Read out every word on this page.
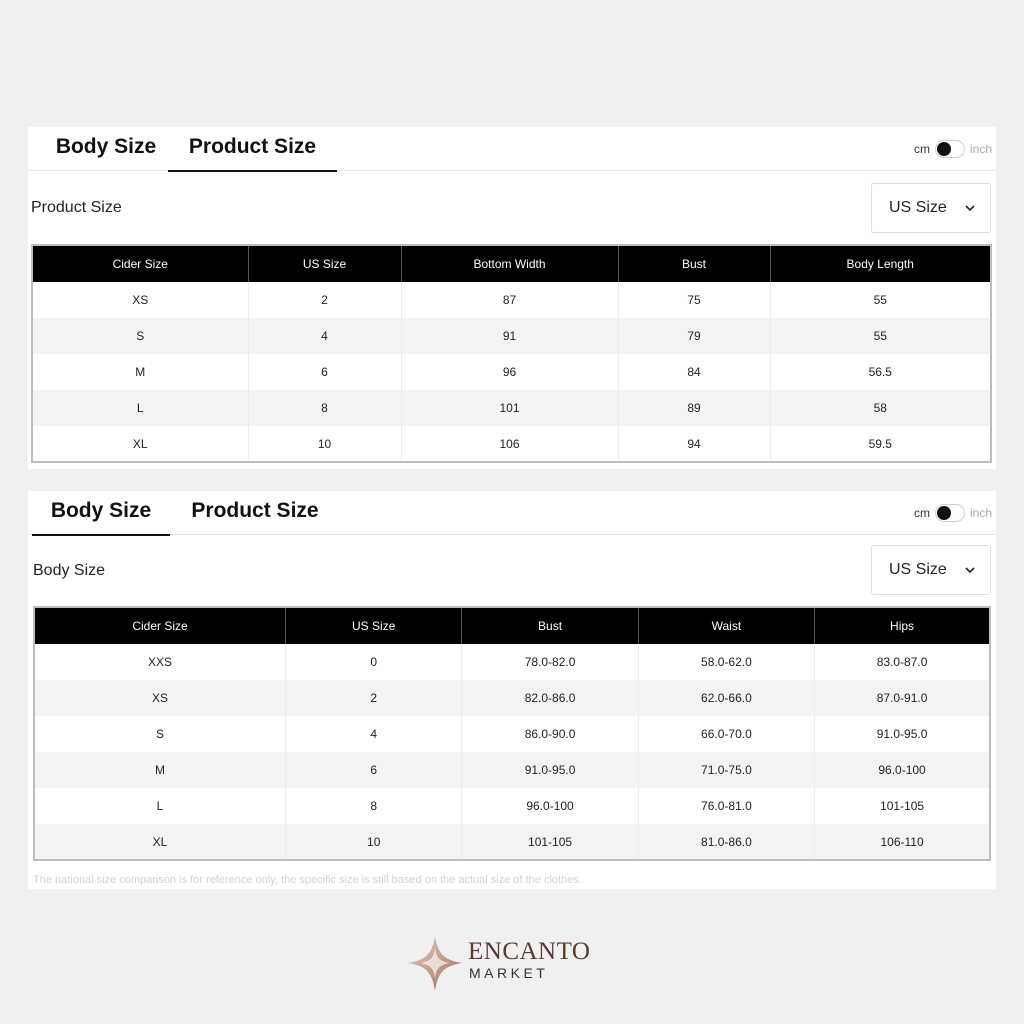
Body Size	Product Size	cm	inch
Product Size	US Size
Cider Size	US Size	Bottom Width	Bust	Body Length
XS	2	87	75	55
S	4	91	79	55
M	6	96	84	56.5
L	8	101	89	58
XL	10	106	94	59.5
Body Size	Product Size	cm	inch
Body Size	US Size
Cider Size	US Size	Bust	Waist	Hips
XXS	0	78.0-82.0	58.0-62.0	83.0-87.0
XS	2	82.0-86.0	62.0-66.0	87.0-91.0
S	4	86.0-90.0	66.0-70.0	91.0-95.0
M	6	91.0-95.0	71.0-75.0	96.0-100
L	8	96.0-100	76.0-81.0	101-105
XL	10	101-105	81.0-86.0	106-110
The national size comparison is for reference only, the specific size is still based on the actual size of the clothes.
ENCANTO
MARKET
